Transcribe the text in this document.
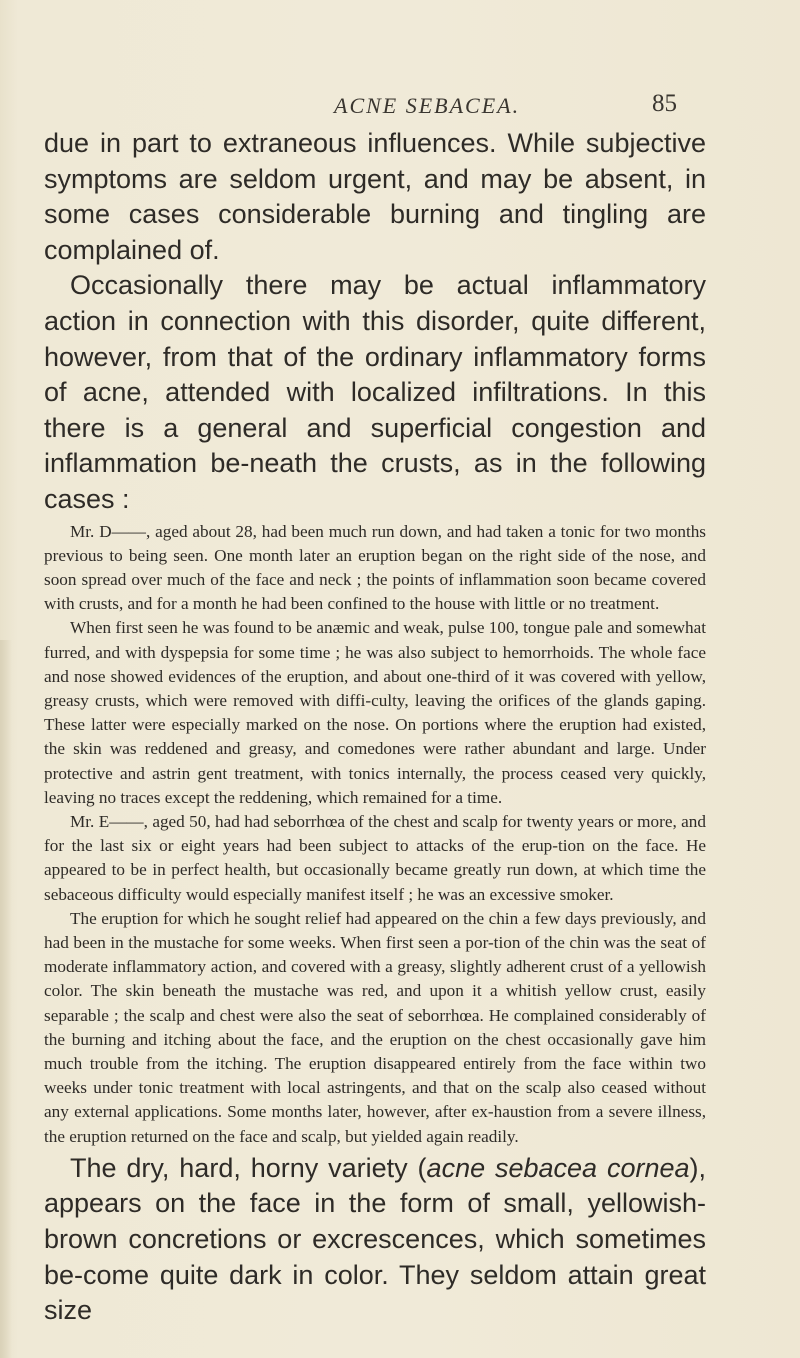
ACNE SEBACEA.	85

due in part to extraneous influences. While subjective symptoms are seldom urgent, and may be absent, in some cases considerable burning and tingling are complained of.

Occasionally there may be actual inflammatory action in connection with this disorder, quite different, however, from that of the ordinary inflammatory forms of acne, attended with localized infiltrations. In this there is a general and superficial congestion and inflammation be-neath the crusts, as in the following cases :

Mr. D——, aged about 28, had been much run down, and had taken a tonic for two months previous to being seen. One month later an eruption began on the right side of the nose, and soon spread over much of the face and neck ; the points of inflammation soon became covered with crusts, and for a month he had been confined to the house with little or no treatment.

When first seen he was found to be anæmic and weak, pulse 100, tongue pale and somewhat furred, and with dyspepsia for some time ; he was also subject to hemorrhoids. The whole face and nose showed evidences of the eruption, and about one-third of it was covered with yellow, greasy crusts, which were removed with diffi-culty, leaving the orifices of the glands gaping. These latter were especially marked on the nose. On portions where the eruption had existed, the skin was reddened and greasy, and comedones were rather abundant and large. Under protective and astrin gent treatment, with tonics internally, the process ceased very quickly, leaving no traces except the reddening, which remained for a time.

Mr. E——, aged 50, had had seborrhœa of the chest and scalp for twenty years or more, and for the last six or eight years had been subject to attacks of the erup-tion on the face. He appeared to be in perfect health, but occasionally became greatly run down, at which time the sebaceous difficulty would especially manifest itself ; he was an excessive smoker.

The eruption for which he sought relief had appeared on the chin a few days previously, and had been in the mustache for some weeks. When first seen a por-tion of the chin was the seat of moderate inflammatory action, and covered with a greasy, slightly adherent crust of a yellowish color. The skin beneath the mustache was red, and upon it a whitish yellow crust, easily separable ; the scalp and chest were also the seat of seborrhœa. He complained considerably of the burning and itching about the face, and the eruption on the chest occasionally gave him much trouble from the itching. The eruption disappeared entirely from the face within two weeks under tonic treatment with local astringents, and that on the scalp also ceased without any external applications. Some months later, however, after ex-haustion from a severe illness, the eruption returned on the face and scalp, but yielded again readily.

The dry, hard, horny variety (acne sebacea cornea), appears on the face in the form of small, yellowish-brown concretions or excrescences, which sometimes be-come quite dark in color. They seldom attain great size
